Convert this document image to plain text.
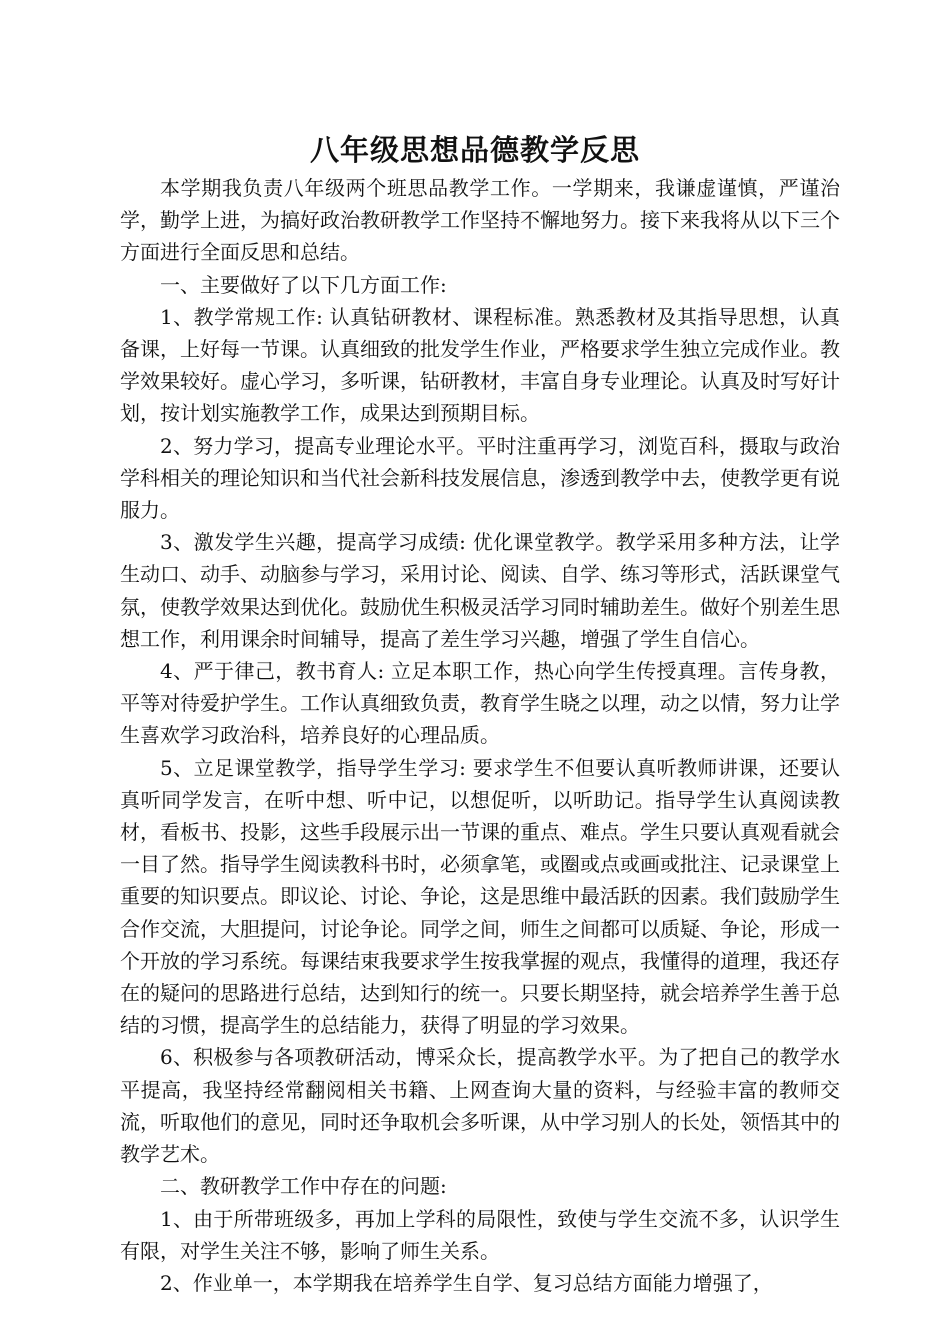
八年级思想品德教学反思

本学期我负责八年级两个班思品教学工作。一学期来，我谦虚谨慎，严谨治学，勤学上进，为搞好政治教研教学工作坚持不懈地努力。接下来我将从以下三个方面进行全面反思和总结。

一、主要做好了以下几方面工作:

1、教学常规工作: 认真钻研教材、课程标准。熟悉教材及其指导思想，认真备课，上好每一节课。认真细致的批发学生作业，严格要求学生独立完成作业。教学效果较好。虚心学习，多听课，钻研教材，丰富自身专业理论。认真及时写好计划，按计划实施教学工作，成果达到预期目标。

2、努力学习，提高专业理论水平。平时注重再学习，浏览百科，摄取与政治学科相关的理论知识和当代社会新科技发展信息，渗透到教学中去，使教学更有说服力。

3、激发学生兴趣，提高学习成绩: 优化课堂教学。教学采用多种方法，让学生动口、动手、动脑参与学习，采用讨论、阅读、自学、练习等形式，活跃课堂气氛，使教学效果达到优化。鼓励优生积极灵活学习同时辅助差生。做好个别差生思想工作，利用课余时间辅导，提高了差生学习兴趣，增强了学生自信心。

4、严于律己，教书育人: 立足本职工作，热心向学生传授真理。言传身教，平等对待爱护学生。工作认真细致负责，教育学生晓之以理，动之以情，努力让学生喜欢学习政治科，培养良好的心理品质。

5、立足课堂教学，指导学生学习: 要求学生不但要认真听教师讲课，还要认真听同学发言，在听中想、听中记，以想促听，以听助记。指导学生认真阅读教材，看板书、投影，这些手段展示出一节课的重点、难点。学生只要认真观看就会一目了然。指导学生阅读教科书时，必须拿笔，或圈或点或画或批注、记录课堂上重要的知识要点。即议论、讨论、争论，这是思维中最活跃的因素。我们鼓励学生合作交流，大胆提问，讨论争论。同学之间，师生之间都可以质疑、争论，形成一个开放的学习系统。每课结束我要求学生按我掌握的观点，我懂得的道理，我还存在的疑问的思路进行总结，达到知行的统一。只要长期坚持，就会培养学生善于总结的习惯，提高学生的总结能力，获得了明显的学习效果。

6、积极参与各项教研活动，博采众长，提高教学水平。为了把自己的教学水平提高，我坚持经常翻阅相关书籍、上网查询大量的资料，与经验丰富的教师交流，听取他们的意见，同时还争取机会多听课，从中学习别人的长处，领悟其中的教学艺术。

二、教研教学工作中存在的问题:

1、由于所带班级多，再加上学科的局限性，致使与学生交流不多，认识学生有限，对学生关注不够，影响了师生关系。

2、作业单一，本学期我在培养学生自学、复习总结方面能力增强了，
